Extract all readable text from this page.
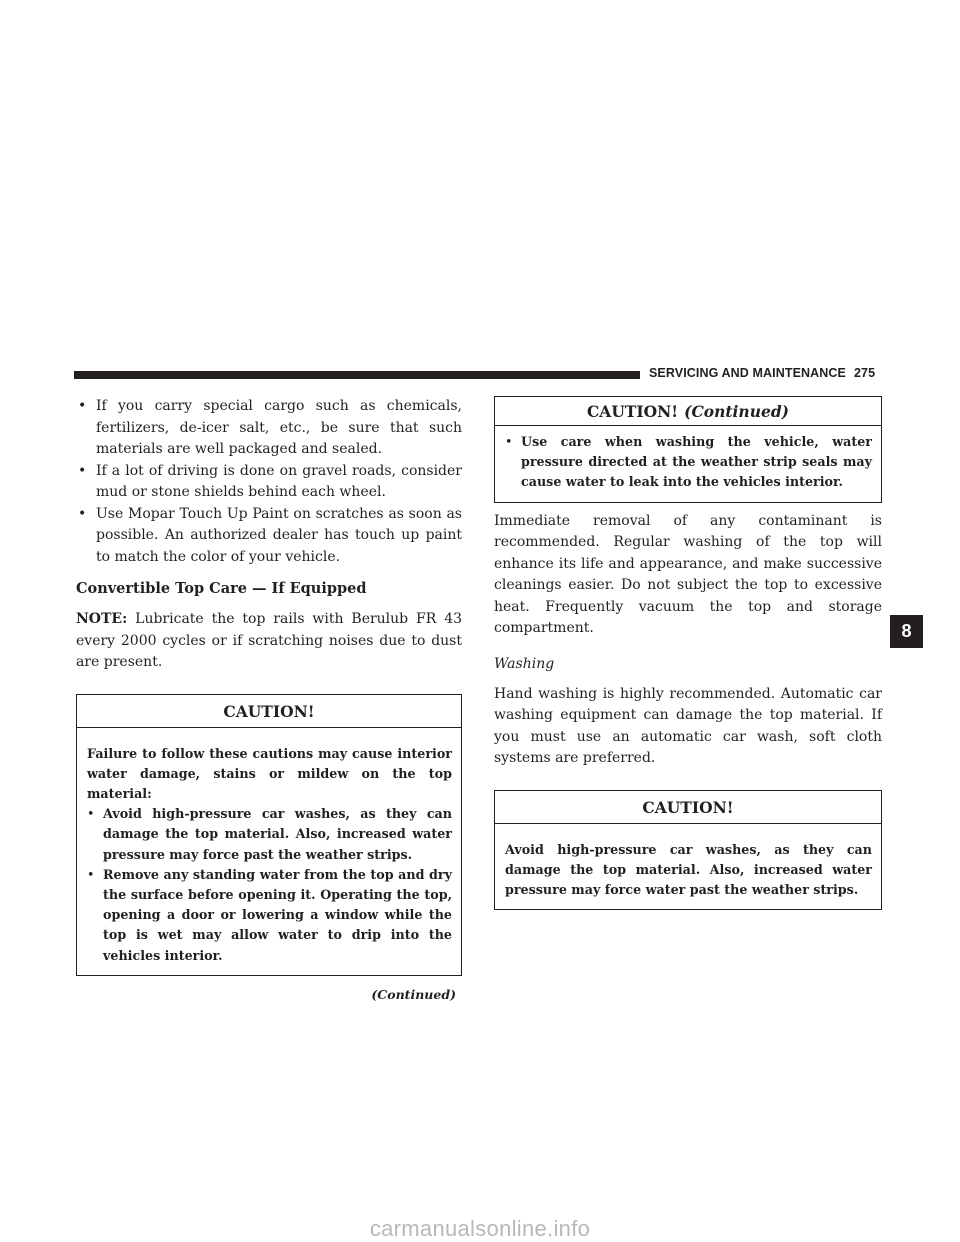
SERVICING AND MAINTENANCE 275

• If you carry special cargo such as chemicals, fertilizers, de-icer salt, etc., be sure that such materials are well packaged and sealed.

• If a lot of driving is done on gravel roads, consider mud or stone shields behind each wheel.

• Use Mopar Touch Up Paint on scratches as soon as possible. An authorized dealer has touch up paint to match the color of your vehicle.

Convertible Top Care — If Equipped

NOTE: Lubricate the top rails with Berulub FR 43 every 2000 cycles or if scratching noises due to dust are present.

CAUTION!

Failure to follow these cautions may cause interior water damage, stains or mildew on the top material:

• Avoid high-pressure car washes, as they can damage the top material. Also, increased water pressure may force past the weather strips.

• Remove any standing water from the top and dry the surface before opening it. Operating the top, opening a door or lowering a window while the top is wet may allow water to drip into the vehicles interior.

(Continued)
CAUTION! (Continued)

• Use care when washing the vehicle, water pressure directed at the weather strip seals may cause water to leak into the vehicles interior.

Immediate removal of any contaminant is recommended. Regular washing of the top will enhance its life and appearance, and make successive cleanings easier. Do not subject the top to excessive heat. Frequently vacuum the top and storage compartment.

Washing

Hand washing is highly recommended. Automatic car washing equipment can damage the top material. If you must use an automatic car wash, soft cloth systems are preferred.

CAUTION!

Avoid high-pressure car washes, as they can damage the top material. Also, increased water pressure may force water past the weather strips.

8
carmanualsonline.info
